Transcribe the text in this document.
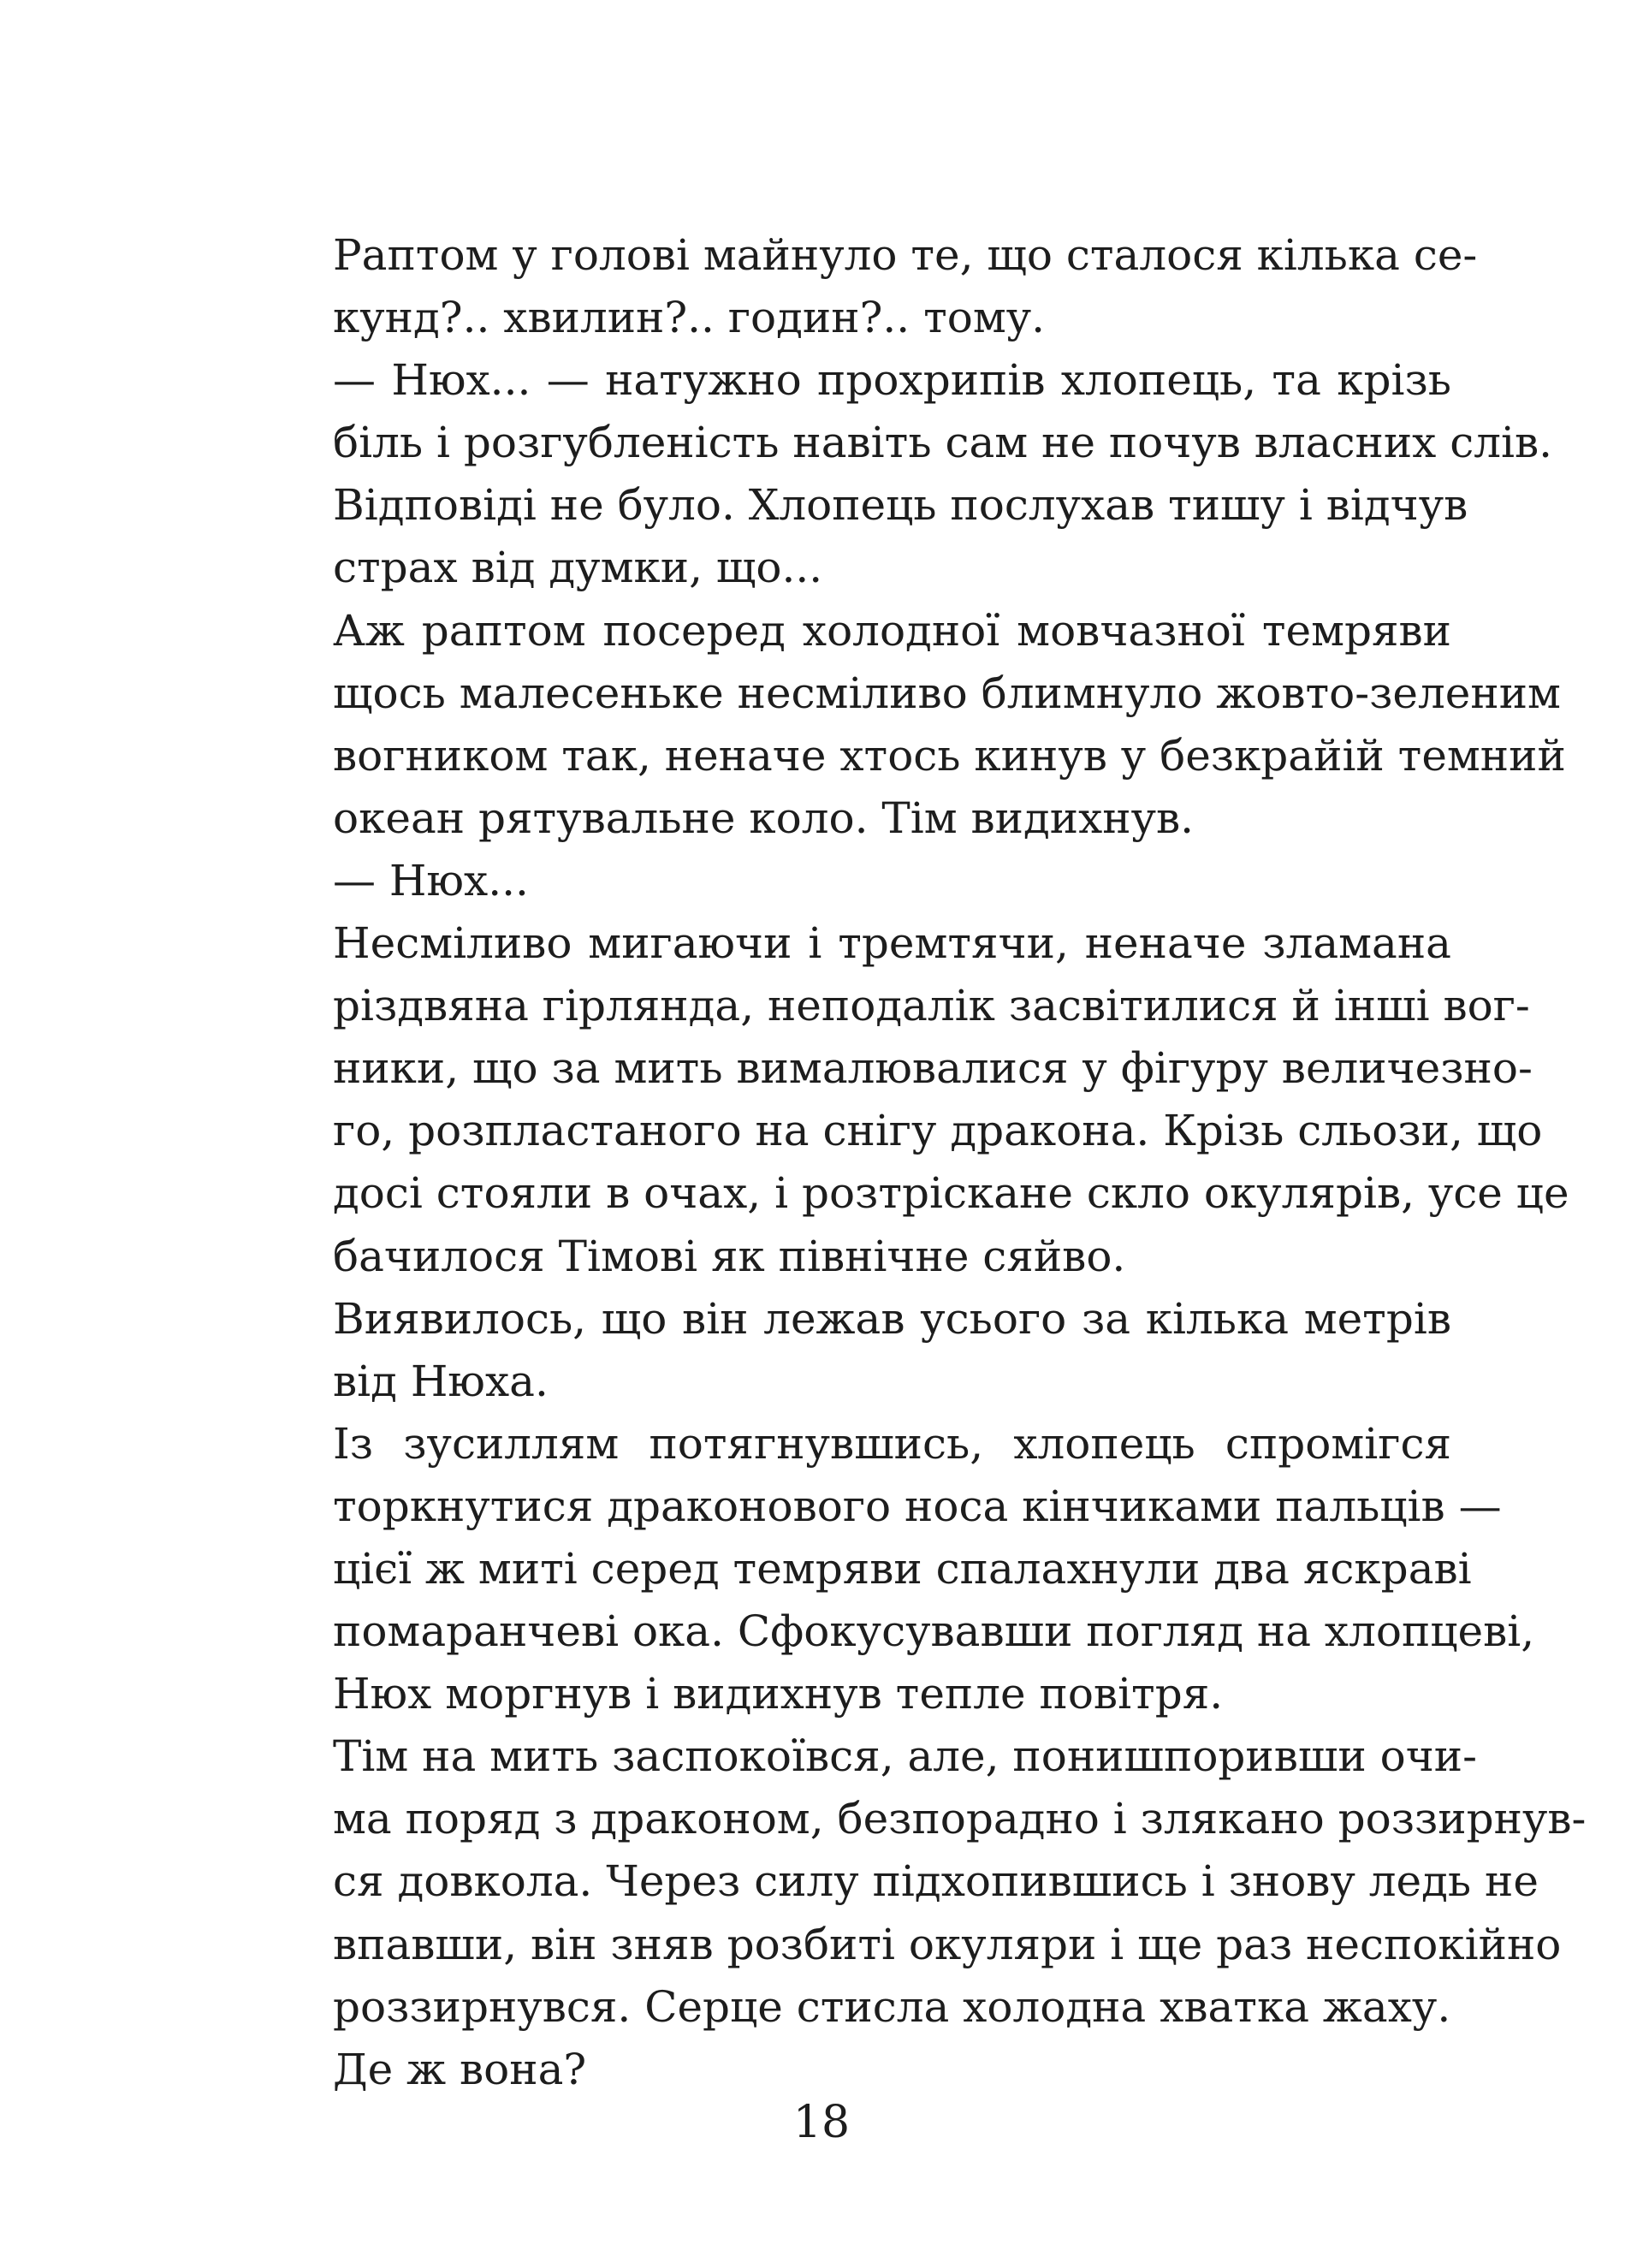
Раптом у голові майнуло те, що сталося кілька се-
кунд?.. хвилин?.. годин?.. тому.

— Нюх... — натужно прохрипів хлопець, та крізь
біль і розгубленість навіть сам не почув власних слів.

Відповіді не було. Хлопець послухав тишу і відчув
страх від думки, що...

Аж раптом посеред холодної мовчазної темряви
щось малесеньке несміливо блимнуло жовто-зеленим
вогником так, неначе хтось кинув у безкрайій темний
океан рятувальне коло. Тім видихнув.

— Нюх...

Несміливо мигаючи і тремтячи, неначе зламана
різдвяна гірлянда, неподалік засвітилися й інші вог-
ники, що за мить вималювалися у фігуру величезно-
го, розпластаного на снігу дракона. Крізь сльози, що
досі стояли в очах, і розтріскане скло окулярів, усе це
бачилося Тімові як північне сяйво.

Виявилось, що він лежав усього за кілька метрів
від Нюха.

Із зусиллям потягнувшись, хлопець спромігся
торкнутися драконового носа кінчиками пальців —
цієї ж миті серед темряви спалахнули два яскраві
помаранчеві ока. Сфокусувавши погляд на хлопцеві,
Нюх моргнув і видихнув тепле повітря.

Тім на мить заспокоївся, але, понишпоривши очи-
ма поряд з драконом, безпорадно і злякано роззирнув-
ся довкола. Через силу підхопившись і знову ледь не
впавши, він зняв розбиті окуляри і ще раз неспокійно
роззирнувся. Серце стисла холодна хватка жаху.

Де ж вона?

18
